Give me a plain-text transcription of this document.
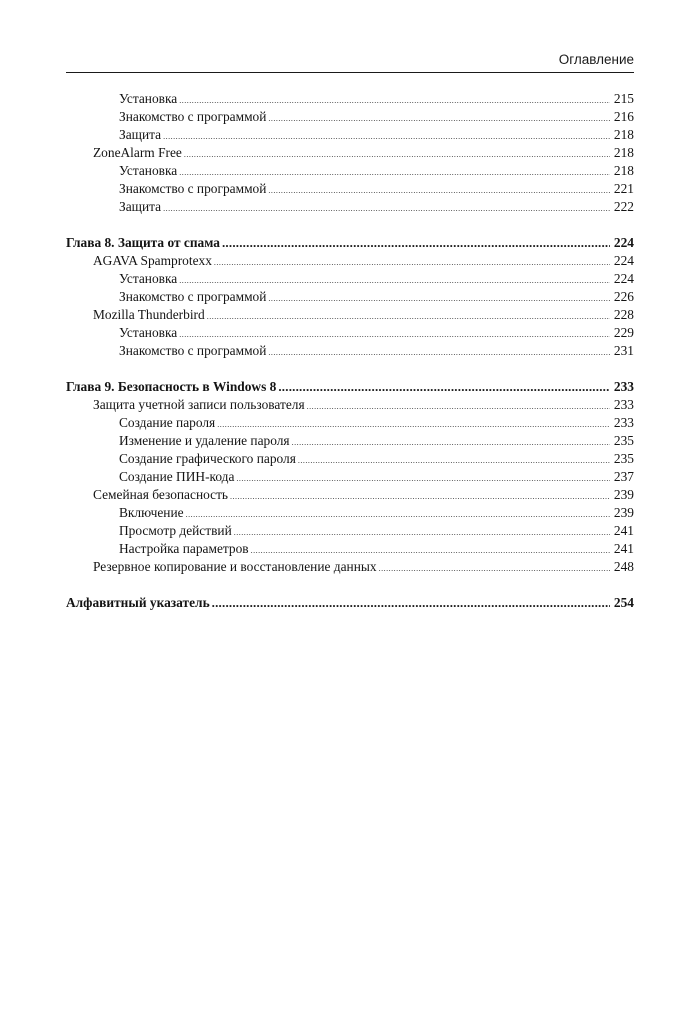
Оглавление
Установка .....	215
Знакомство с программой .....	216
Защита .....	218
ZoneAlarm Free .....	218
Установка .....	218
Знакомство с программой .....	221
Защита .....	222
Глава 8. Защита от спама .....	224
AGAVA Spamprotexx .....	224
Установка .....	224
Знакомство с программой .....	226
Mozilla Thunderbird .....	228
Установка .....	229
Знакомство с программой .....	231
Глава 9. Безопасность в Windows 8 .....	233
Защита учетной записи пользователя .....	233
Создание пароля .....	233
Изменение и удаление пароля .....	235
Создание графического пароля .....	235
Создание ПИН-кода .....	237
Семейная безопасность .....	239
Включение .....	239
Просмотр действий .....	241
Настройка параметров .....	241
Резервное копирование и восстановление данных .....	248
Алфавитный указатель .....	254
